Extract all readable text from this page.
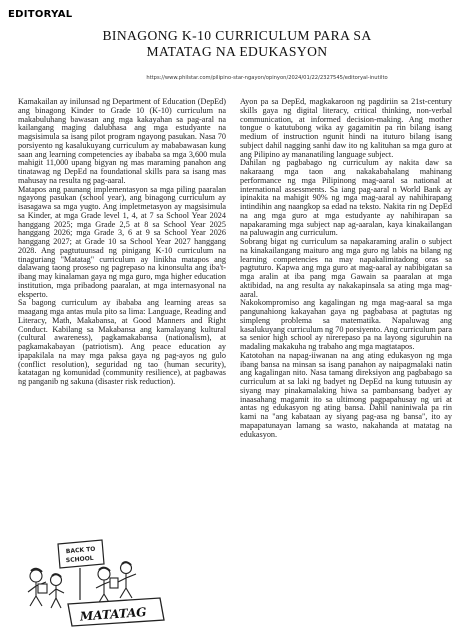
EDITORYAL
BINAGONG K-10 CURRICULUM PARA SA
MATATAG NA EDUKASYON
https://www.philstar.com/pilipino-star-ngayon/opinyon/2024/01/22/2327545/editoryal-inutilto

Kamakailan ay inilunsad ng Department of Education (DepEd) ang binagong Kinder to Grade 10 (K-10) curriculum na makabuluhang bawasan ang mga kakayahan sa pag-aral na kailangang maging dalubhasa ang mga estudyante na magsisimula sa isang pilot program ngayong pasukan. Nasa 70 porsiyento ng kasalukuyang curriculum ay mababawasan kung saan ang learning competencies ay ibababa sa mga 3,600 mula mahigit 11,000 upang bigyan ng mas maraming panahon ang tinatawag ng DepEd na foundational skills para sa isang mas mahusay na resulta ng pag-aaral.

Matapos ang paunang implementasyon sa mga piling paaralan ngayong pasukan (school year), ang binagong curriculum ay isasagawa sa mga yugto. Ang impletmetasyon ay magsisimula sa Kinder, at mga Grade level 1, 4, at 7 sa School Year 2024 hanggang 2025; mga Grade 2,5 at 8 sa School Year 2025 hanggang 2026; mga Grade 3, 6 at 9 sa School Year 2026 hanggang 2027; at Grade 10 sa School Year 2027 hanggang 2028. Ang pagtutuunsad ng pinigang K-10 curriculum na tinaguriang "Matatag" curriculum ay linikha matapos ang dalawang taong proseso ng pagrepaso na kinonsulta ang iba't-ibang may kinalaman gaya ng mga guro, mga higher education institution, mga pribadong paaralan, at mga internasyonal na eksperto.

Sa bagong curriculum ay ibababa ang learning areas sa maagang mga antas mula pito sa lima: Language, Reading and Literacy, Math, Makabansa, at Good Manners and Right Conduct. Kabilang sa Makabansa ang kamalayang kultural (cultural awareness), pagkamakabansa (nationalism), at pagkamakabayan (patriotism). Ang peace education ay ipapakilala na may mga paksa gaya ng pag-ayos ng gulo (conflict resolution), seguridad ng tao (human security), katatagan ng komunidad (community resilience), at pagbawas ng panganib ng sakuna (disaster risk reduction).

Ayon pa sa DepEd, magkakaroon ng pagdiriin sa 21st-century skills gaya ng digital literacy, critical thinking, non-verbal communication, at informed decision-making. Ang mother tongue o katutubong wika ay gagamitin pa rin bilang isang medium of instruction ngunit hindi na ituturo bilang isang subject dahil nagging sanhi daw ito ng kalituhan sa mga guro at ang Pilipino ay mananatiling language subject.

Dahilan ng pagbabago ng curriculum ay nakita daw sa nakaraang mga taon ang nakakabahalang mahinang performance ng mga Pilipinong mag-aaral sa national at international assessments. Sa iang pag-aaral n World Bank ay ipinakita na mahigit 90% ng mga mag-aaral ay nahihirapang intindihin ang naangkop sa edad na teksto. Nakita rin ng DepEd na ang mga guro at mga estudyante ay nahihirapan sa napakaraming mga subject nap ag-aaralan, kaya kinakailangan na paluwagin ang curriculum.

Sobrang bigat ng curriculum sa napakaraming aralin o subject na kinakailangang maituro ang mga guro ng labis na bilang ng learning competencies na may napakalimitadong oras sa pagtuturo. Kapwa ang mga guro at mag-aaral ay nabibigatan sa mga aralin at iba pang mga Gawain sa paaralan at mga aktibidad, na ang resulta ay nakakapinsala sa ating mga mag-aaral.

Nakokompromiso ang kagalingan ng mga mag-aaral sa mga pangunahiong kakayahan gaya ng pagbabasa at pagtutas ng simpleng problema sa matematika. Napaluwag ang kasalukuyang curriculum ng 70 porsiyento. Ang curriculum para sa senior high school ay nirerepaso pa na layong siguruhin na madaling makakuha ng trabaho ang mga magtatapos.

Katotohan na napag-iiwanan na ang ating edukasyon ng mga ibang bansa na minsan sa isang panahon ay naipagmalaki natin ang kagalingan nito. Nasa tamang direksiyon ang pagbabago sa curriculum at sa laki ng badyet ng DepEd na kung tutuusin ay siyang may pinakamalaking hiwa sa pambansang badyet ay inaasahang magamit ito sa ultimong pagpapahusay ng uri at antas ng edukasyon ng ating bansa. Dahil naniniwala pa rin kami na "ang kabataan ay siyang pag-asa ng bansa", ito ay mapapatunayan lamang sa wasto, nakahanda at matatag na edukasyon.

BACK TO
SCHOOL
MATATAG
